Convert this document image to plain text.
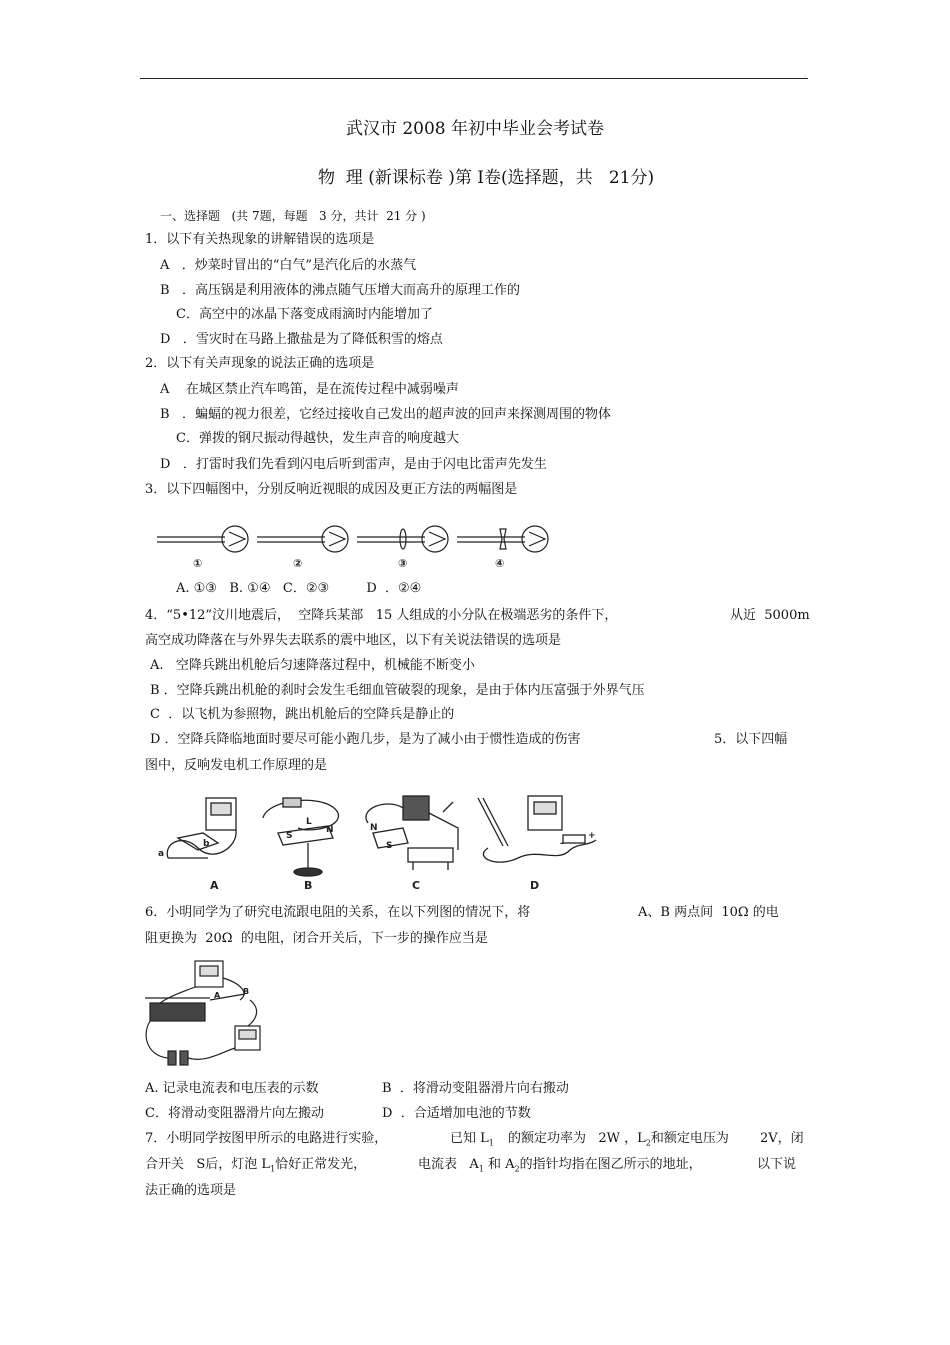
·	·
武汉市 2008 年初中毕业会考试卷
物  理 (新课标卷 )第 Ⅰ卷(选择题，共   21分)
一、选择题   (共 7题，每题   3 分，共计  21 分 )
1．以下有关热现象的讲解错误的选项是
A   ．炒菜时冒出的“白气”是汽化后的水蒸气
B   ．高压锅是利用液体的沸点随气压增大而高升的原理工作的
C．高空中的冰晶下落变成雨滴时内能增加了
D   ．雪灾时在马路上撒盐是为了降低积雪的熔点
2．以下有关声现象的说法正确的选项是
A    在城区禁止汽车鸣笛，是在流传过程中减弱噪声
B   ．蝙蝠的视力很差，它经过接收自己发出的超声波的回声来探测周围的物体
C．弹拨的钢尺振动得越快，发生声音的响度越大
D   ．打雷时我们先看到闪电后听到雷声，是由于闪电比雷声先发生
3．以下四幅图中，分别反响近视眼的成因及更正方法的两幅图是
①	②	③	④
A. ①③   B. ①④   C．②③         D  ．②④
4．“5•12”汶川地震后，  空降兵某部   15 人组成的小分队在极端恶劣的条件下，	从近  5000m
高空成功降落在与外界失去联系的震中地区，以下有关说法错误的选项是
A.   空降兵跳出机舱后匀速降落过程中，机械能不断变小
B ．空降兵跳出机舱的刹时会发生毛细血管破裂的现象，是由于体内压富强于外界气压
C  ．以飞机为参照物，跳出机舱后的空降兵是静止的
D ．空降兵降临地面时要尽可能小跑几步，是为了减小由于惯性造成的伤害	5．以下四幅
图中，反响发电机工作原理的是
a
b
S
N
L
N
S
+
-
A	B	C	D
6．小明同学为了研究电流跟电阻的关系，在以下列图的情况下，将	A、B 两点间  10Ω 的电
阻更换为  20Ω  的电阻，闭合开关后，下一步的操作应当是
A	B
A. 记录电流表和电压表的示数	B  ．将滑动变阻器滑片向右搬动
C．将滑动变阻器滑片向左搬动	D  ．合适增加电池的节数
7．小明同学按图甲所示的电路进行实验，	已知 $L_1$ 的额定功率为   2W ，$L_2$和额定电压为 2V，闭
合开关   S后，灯泡 $L_1$恰好正常发光，	电流表   $A_1$ 和 $A_2$的指针均指在图乙所示的地址，	以下说
法正确的选项是
